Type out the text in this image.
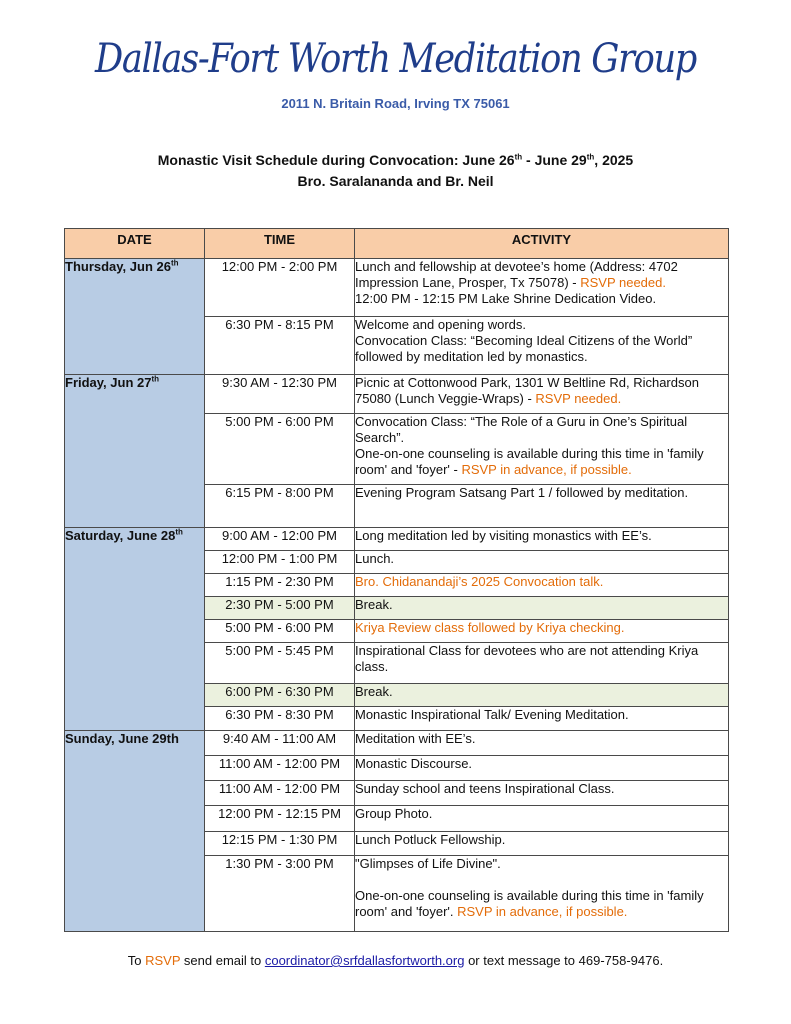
Dallas-Fort Worth Meditation Group
2011 N. Britain Road, Irving TX 75061
Monastic Visit Schedule during Convocation: June 26th - June 29th, 2025
Bro. Saralananda and Br. Neil
DATE	TIME	ACTIVITY
Thursday, Jun 26th	12:00 PM - 2:00 PM	Lunch and fellowship at devotee’s home (Address: 4702 Impression Lane, Prosper, Tx 75078) - RSVP needed.
12:00 PM - 12:15 PM Lake Shrine Dedication Video.
	6:30 PM - 8:15 PM	Welcome and opening words.
Convocation Class: “Becoming Ideal Citizens of the World” followed by meditation led by monastics.
Friday, Jun 27th	9:30 AM - 12:30 PM	Picnic at Cottonwood Park, 1301 W Beltline Rd, Richardson 75080 (Lunch Veggie-Wraps) - RSVP needed.
	5:00 PM - 6:00 PM	Convocation Class: “The Role of a Guru in One’s Spiritual Search”.
One-on-one counseling is available during this time in 'family room' and 'foyer' - RSVP in advance, if possible.
	6:15 PM - 8:00 PM	Evening Program Satsang Part 1 / followed by meditation.
Saturday, June 28th	9:00 AM - 12:00 PM	Long meditation led by visiting monastics with EE’s.
	12:00 PM - 1:00 PM	Lunch.
	1:15 PM - 2:30 PM	Bro. Chidanandaji’s 2025 Convocation talk.
	2:30 PM - 5:00 PM	Break.
	5:00 PM - 6:00 PM	Kriya Review class followed by Kriya checking.
	5:00 PM - 5:45 PM	Inspirational Class for devotees who are not attending Kriya class.
	6:00 PM - 6:30 PM	Break.
	6:30 PM - 8:30 PM	Monastic Inspirational Talk/ Evening Meditation.
Sunday, June 29th	9:40 AM - 11:00 AM	Meditation with EE’s.
	11:00 AM - 12:00 PM	Monastic Discourse.
	11:00 AM - 12:00 PM	Sunday school and teens Inspirational Class.
	12:00 PM - 12:15 PM	Group Photo.
	12:15 PM - 1:30 PM	Lunch Potluck Fellowship.
	1:30 PM - 3:00 PM	"Glimpses of Life Divine".

One-on-one counseling is available during this time in 'family room' and 'foyer'. RSVP in advance, if possible.
To RSVP send email to coordinator@srfdallasfortworth.org or text message to 469-758-9476.
